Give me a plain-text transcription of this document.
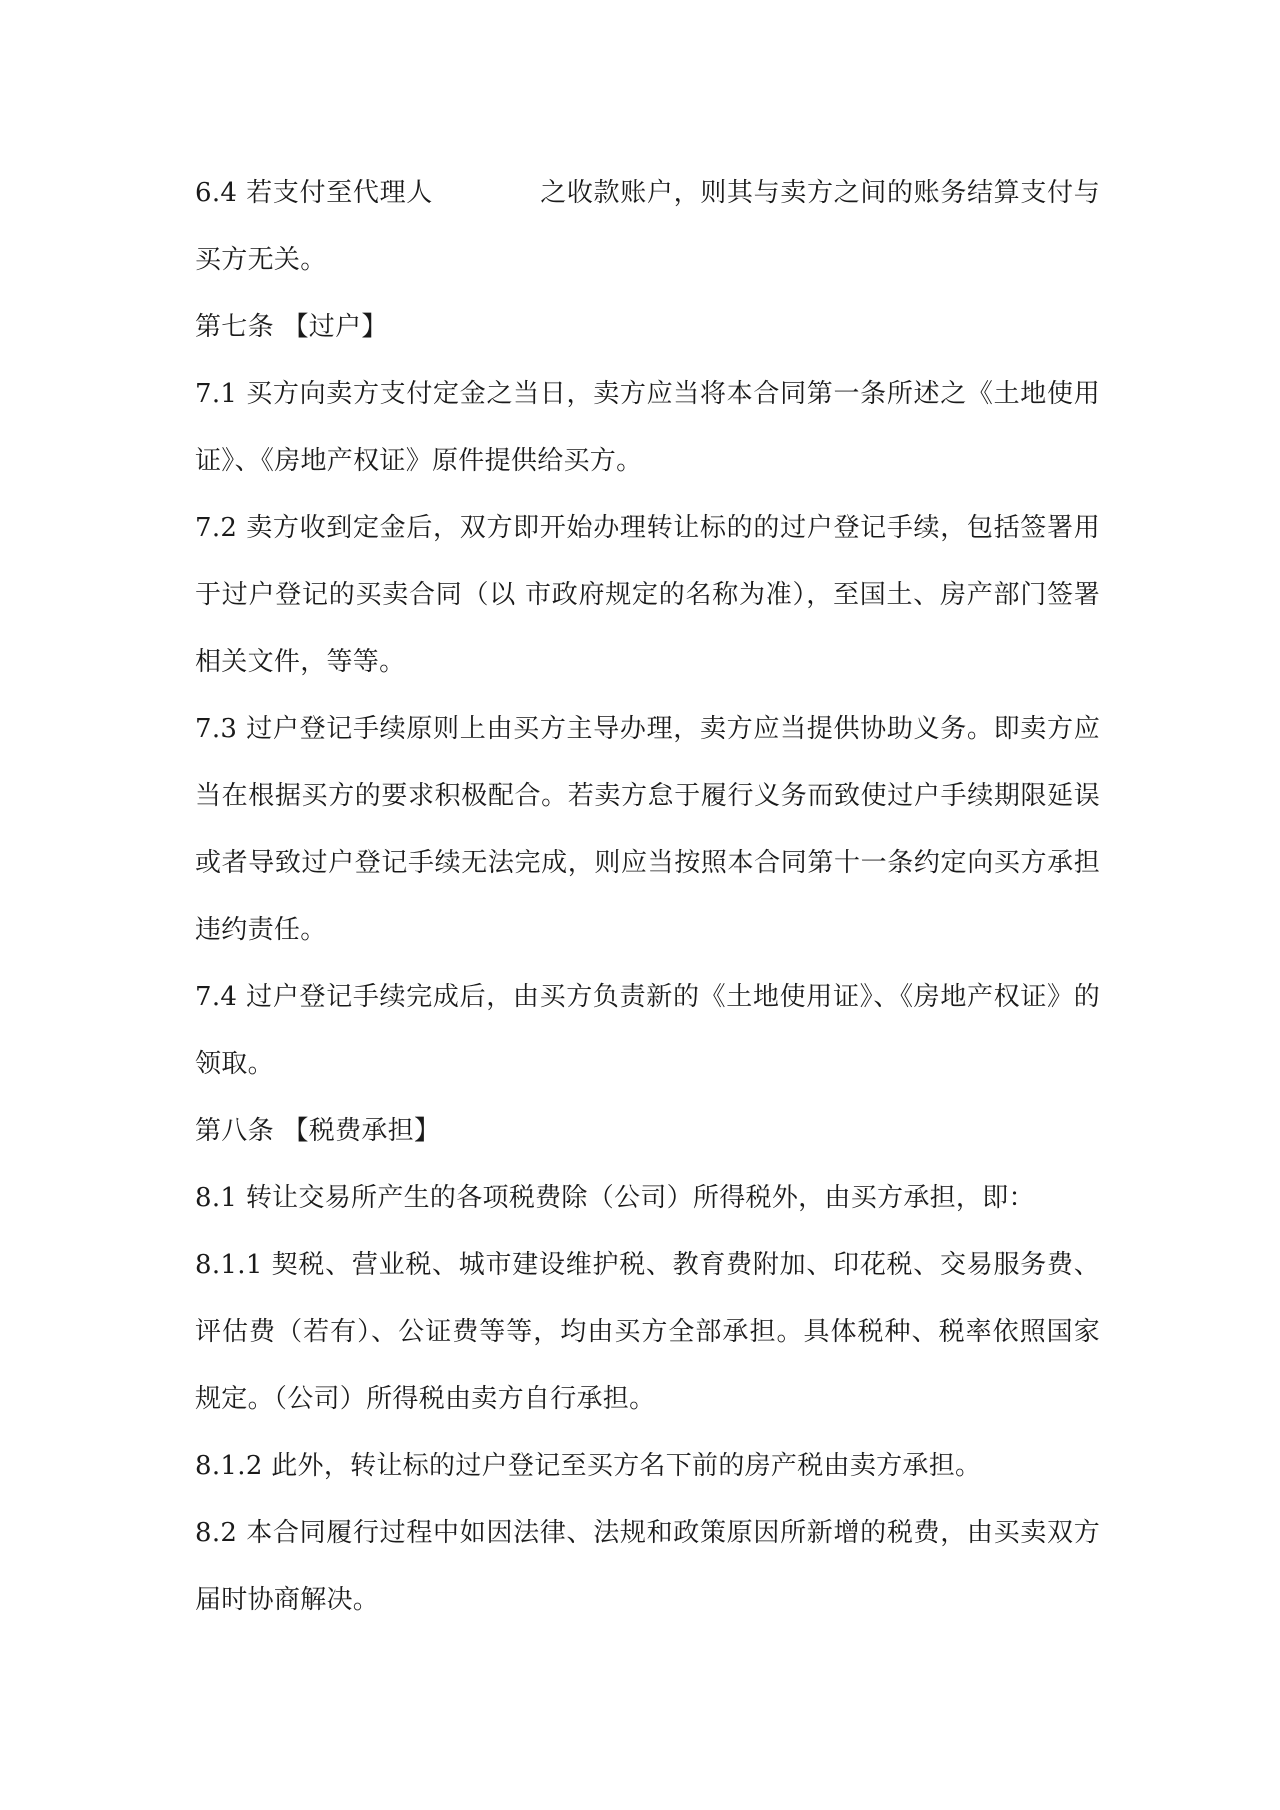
6.4 若支付至代理人            之收款账户，则其与卖方之间的账务结算支付与买方无关。

第七条 【过户】

7.1 买方向卖方支付定金之当日，卖方应当将本合同第一条所述之《土地使用证》、《房地产权证》原件提供给买方。

7.2 卖方收到定金后，双方即开始办理转让标的的过户登记手续，包括签署用于过户登记的买卖合同（以 市政府规定的名称为准），至国土、房产部门签署相关文件，等等。

7.3 过户登记手续原则上由买方主导办理，卖方应当提供协助义务。即卖方应当在根据买方的要求积极配合。若卖方怠于履行义务而致使过户手续期限延误或者导致过户登记手续无法完成，则应当按照本合同第十一条约定向买方承担违约责任。

7.4 过户登记手续完成后，由买方负责新的《土地使用证》、《房地产权证》的领取。

第八条 【税费承担】

8.1 转让交易所产生的各项税费除（公司）所得税外，由买方承担，即：

8.1.1 契税、营业税、城市建设维护税、教育费附加、印花税、交易服务费、评估费（若有）、公证费等等，均由买方全部承担。具体税种、税率依照国家规定。（公司）所得税由卖方自行承担。

8.1.2 此外，转让标的过户登记至买方名下前的房产税由卖方承担。

8.2 本合同履行过程中如因法律、法规和政策原因所新增的税费，由买卖双方届时协商解决。
